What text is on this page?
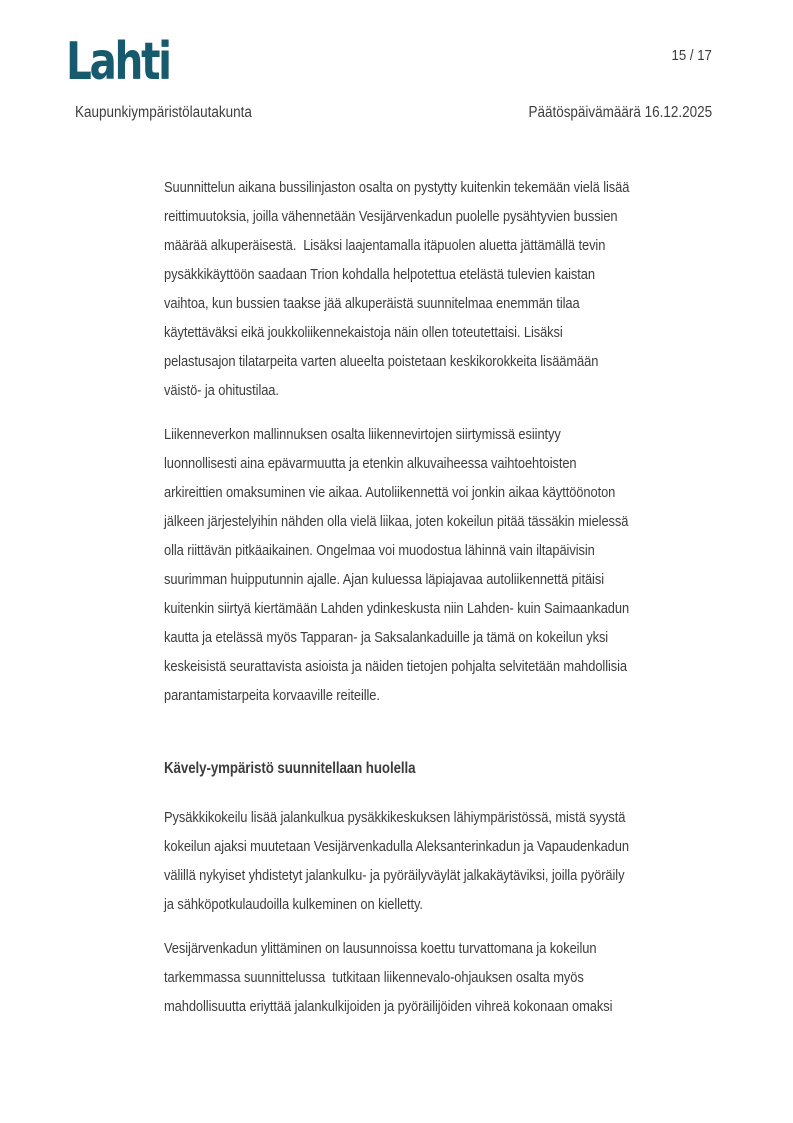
Lahti	15 / 17
Kaupunkiympäristölautakunta	Päätöspäivämäärä 16.12.2025
Suunnittelun aikana bussilinjaston osalta on pystytty kuitenkin tekemään vielä lisää
reittimuutoksia, joilla vähennetään Vesijärvenkadun puolelle pysähtyvien bussien
määrää alkuperäisestä.  Lisäksi laajentamalla itäpuolen aluetta jättämällä tevin
pysäkkikäyttöön saadaan Trion kohdalla helpotettua etelästä tulevien kaistan
vaihtoa, kun bussien taakse jää alkuperäistä suunnitelmaa enemmän tilaa
käytettäväksi eikä joukkoliikennekaistoja näin ollen toteutettaisi. Lisäksi
pelastusajon tilatarpeita varten alueelta poistetaan keskikorokkeita lisäämään
väistö- ja ohitustilaa.
Liikenneverkon mallinnuksen osalta liikennevirtojen siirtymissä esiintyy
luonnollisesti aina epävarmuutta ja etenkin alkuvaiheessa vaihtoehtoisten
arkireittien omaksuminen vie aikaa. Autoliikennettä voi jonkin aikaa käyttöönoton
jälkeen järjestelyihin nähden olla vielä liikaa, joten kokeilun pitää tässäkin mielessä
olla riittävän pitkäaikainen. Ongelmaa voi muodostua lähinnä vain iltapäivisin
suurimman huipputunnin ajalle. Ajan kuluessa läpiajavaa autoliikennettä pitäisi
kuitenkin siirtyä kiertämään Lahden ydinkeskusta niin Lahden- kuin Saimaankadun
kautta ja etelässä myös Tapparan- ja Saksalankaduille ja tämä on kokeilun yksi
keskeisistä seurattavista asioista ja näiden tietojen pohjalta selvitetään mahdollisia
parantamistarpeita korvaaville reiteille.
Kävely-ympäristö suunnitellaan huolella
Pysäkkikokeilu lisää jalankulkua pysäkkikeskuksen lähiympäristössä, mistä syystä
kokeilun ajaksi muutetaan Vesijärvenkadulla Aleksanterinkadun ja Vapaudenkadun
välillä nykyiset yhdistetyt jalankulku- ja pyöräilyväylät jalkakäytäviksi, joilla pyöräily
ja sähköpotkulaudoilla kulkeminen on kielletty.
Vesijärvenkadun ylittäminen on lausunnoissa koettu turvattomana ja kokeilun
tarkemmassa suunnittelussa  tutkitaan liikennevalo-ohjauksen osalta myös
mahdollisuutta eriyttää jalankulkijoiden ja pyöräilijöiden vihreä kokonaan omaksi
